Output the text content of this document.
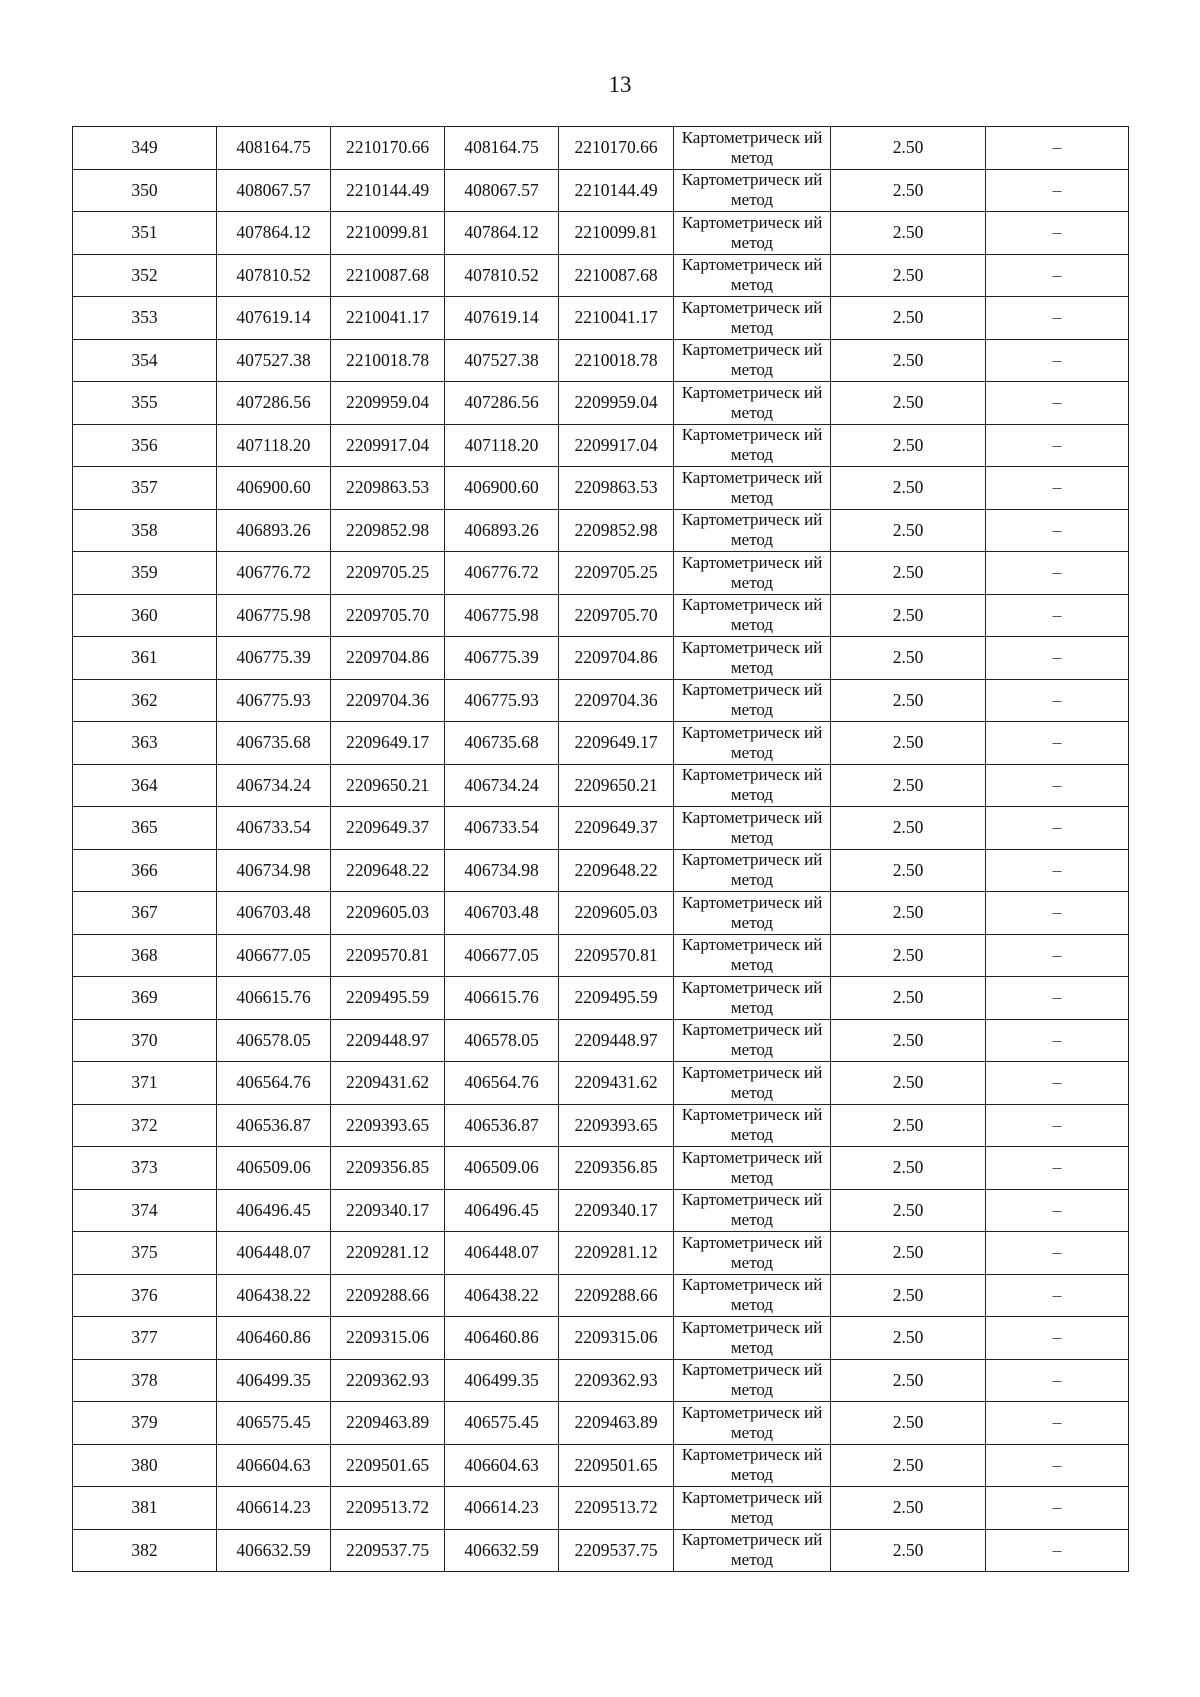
13
349	408164.75	2210170.66	408164.75	2210170.66	Картометрическ ий метод	2.50	–
350	408067.57	2210144.49	408067.57	2210144.49	Картометрическ ий метод	2.50	–
351	407864.12	2210099.81	407864.12	2210099.81	Картометрическ ий метод	2.50	–
352	407810.52	2210087.68	407810.52	2210087.68	Картометрическ ий метод	2.50	–
353	407619.14	2210041.17	407619.14	2210041.17	Картометрическ ий метод	2.50	–
354	407527.38	2210018.78	407527.38	2210018.78	Картометрическ ий метод	2.50	–
355	407286.56	2209959.04	407286.56	2209959.04	Картометрическ ий метод	2.50	–
356	407118.20	2209917.04	407118.20	2209917.04	Картометрическ ий метод	2.50	–
357	406900.60	2209863.53	406900.60	2209863.53	Картометрическ ий метод	2.50	–
358	406893.26	2209852.98	406893.26	2209852.98	Картометрическ ий метод	2.50	–
359	406776.72	2209705.25	406776.72	2209705.25	Картометрическ ий метод	2.50	–
360	406775.98	2209705.70	406775.98	2209705.70	Картометрическ ий метод	2.50	–
361	406775.39	2209704.86	406775.39	2209704.86	Картометрическ ий метод	2.50	–
362	406775.93	2209704.36	406775.93	2209704.36	Картометрическ ий метод	2.50	–
363	406735.68	2209649.17	406735.68	2209649.17	Картометрическ ий метод	2.50	–
364	406734.24	2209650.21	406734.24	2209650.21	Картометрическ ий метод	2.50	–
365	406733.54	2209649.37	406733.54	2209649.37	Картометрическ ий метод	2.50	–
366	406734.98	2209648.22	406734.98	2209648.22	Картометрическ ий метод	2.50	–
367	406703.48	2209605.03	406703.48	2209605.03	Картометрическ ий метод	2.50	–
368	406677.05	2209570.81	406677.05	2209570.81	Картометрическ ий метод	2.50	–
369	406615.76	2209495.59	406615.76	2209495.59	Картометрическ ий метод	2.50	–
370	406578.05	2209448.97	406578.05	2209448.97	Картометрическ ий метод	2.50	–
371	406564.76	2209431.62	406564.76	2209431.62	Картометрическ ий метод	2.50	–
372	406536.87	2209393.65	406536.87	2209393.65	Картометрическ ий метод	2.50	–
373	406509.06	2209356.85	406509.06	2209356.85	Картометрическ ий метод	2.50	–
374	406496.45	2209340.17	406496.45	2209340.17	Картометрическ ий метод	2.50	–
375	406448.07	2209281.12	406448.07	2209281.12	Картометрическ ий метод	2.50	–
376	406438.22	2209288.66	406438.22	2209288.66	Картометрическ ий метод	2.50	–
377	406460.86	2209315.06	406460.86	2209315.06	Картометрическ ий метод	2.50	–
378	406499.35	2209362.93	406499.35	2209362.93	Картометрическ ий метод	2.50	–
379	406575.45	2209463.89	406575.45	2209463.89	Картометрическ ий метод	2.50	–
380	406604.63	2209501.65	406604.63	2209501.65	Картометрическ ий метод	2.50	–
381	406614.23	2209513.72	406614.23	2209513.72	Картометрическ ий метод	2.50	–
382	406632.59	2209537.75	406632.59	2209537.75	Картометрическ ий метод	2.50	–
